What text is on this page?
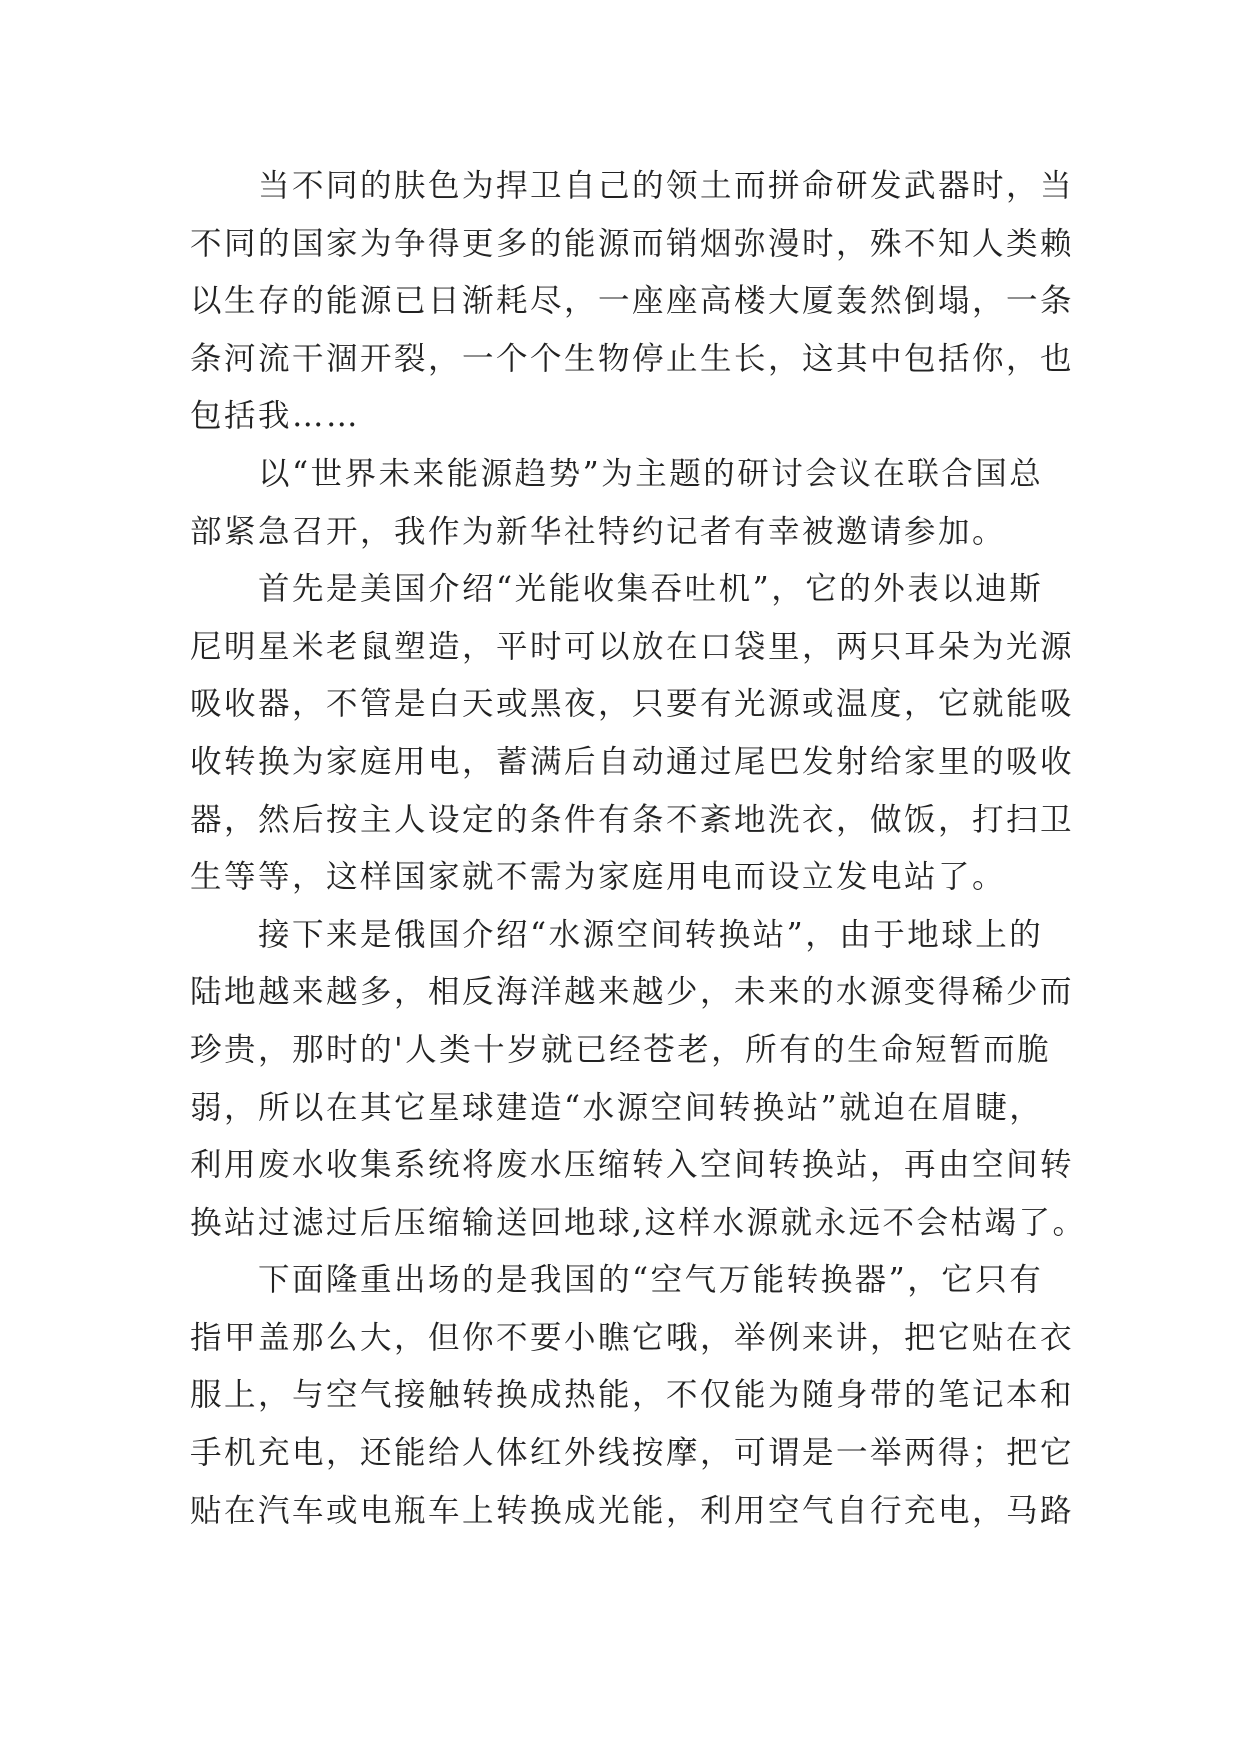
　　当不同的肤色为捍卫自己的领土而拼命研发武器时，当
不同的国家为争得更多的能源而销烟弥漫时，殊不知人类赖
以生存的能源已日渐耗尽，一座座高楼大厦轰然倒塌，一条
条河流干涸开裂，一个个生物停止生长，这其中包括你，也
包括我……
　　以“世界未来能源趋势”为主题的研讨会议在联合国总
部紧急召开，我作为新华社特约记者有幸被邀请参加。
　　首先是美国介绍“光能收集吞吐机”，它的外表以迪斯
尼明星米老鼠塑造，平时可以放在口袋里，两只耳朵为光源
吸收器，不管是白天或黑夜，只要有光源或温度，它就能吸
收转换为家庭用电，蓄满后自动通过尾巴发射给家里的吸收
器，然后按主人设定的条件有条不紊地洗衣，做饭，打扫卫
生等等，这样国家就不需为家庭用电而设立发电站了。
　　接下来是俄国介绍“水源空间转换站”，由于地球上的
陆地越来越多，相反海洋越来越少，未来的水源变得稀少而
珍贵，那时的'人类十岁就已经苍老，所有的生命短暂而脆
弱，所以在其它星球建造“水源空间转换站”就迫在眉睫，
利用废水收集系统将废水压缩转入空间转换站，再由空间转
换站过滤过后压缩输送回地球,这样水源就永远不会枯竭了。
　　下面隆重出场的是我国的“空气万能转换器”，它只有
指甲盖那么大，但你不要小瞧它哦，举例来讲，把它贴在衣
服上，与空气接触转换成热能，不仅能为随身带的笔记本和
手机充电，还能给人体红外线按摩，可谓是一举两得；把它
贴在汽车或电瓶车上转换成光能，利用空气自行充电，马路
